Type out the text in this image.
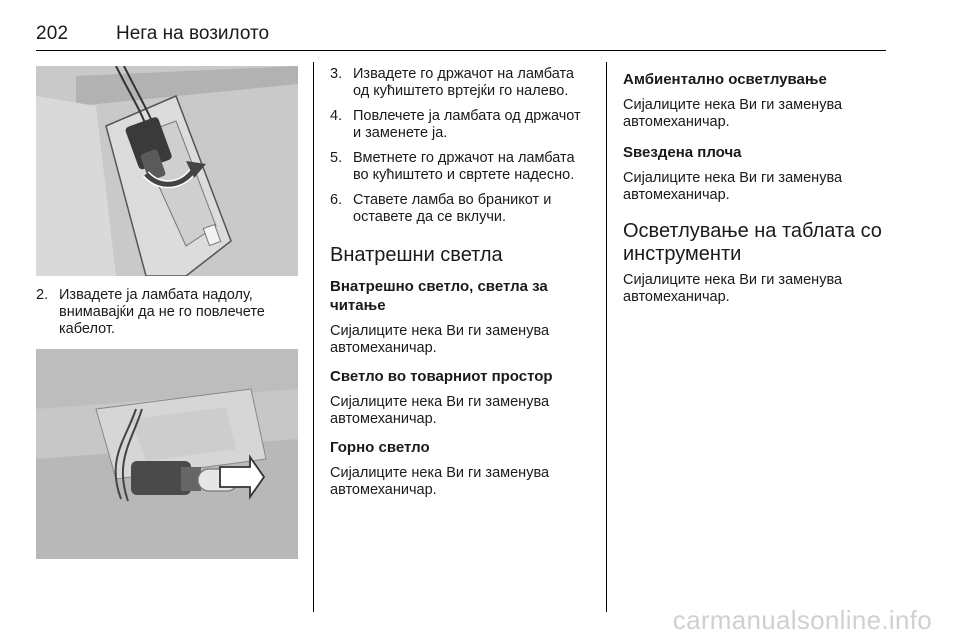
202	Нега на возилото
2. Извадете ја ламбата надолу, внимавајќи да не го повлечете кабелот.
3. Извадете го држачот на ламбата од кућиштето вртејќи го налево.
4. Повлечете ја ламбата од држачот и заменете ја.
5. Вметнете го држачот на ламбата во кућиштето и свртете надесно.
6. Ставете ламба во браникот и оставете да се вклучи.
Внатрешни светла
Внатрешно светло, светла за читање

Сијалиците нека Ви ги заменува автомеханичар.

Светло во товарниот простор

Сијалиците нека Ви ги заменува автомеханичар.

Горно светло

Сијалиците нека Ви ги заменува автомеханичар.

Амбиентално осветлување

Сијалиците нека Ви ги заменува автомеханичар.

Ѕвездена плоча

Сијалиците нека Ви ги заменува автомеханичар.

Осветлување на таблата со инструменти

Сијалиците нека Ви ги заменува автомеханичар.

carmanualsonline.info
